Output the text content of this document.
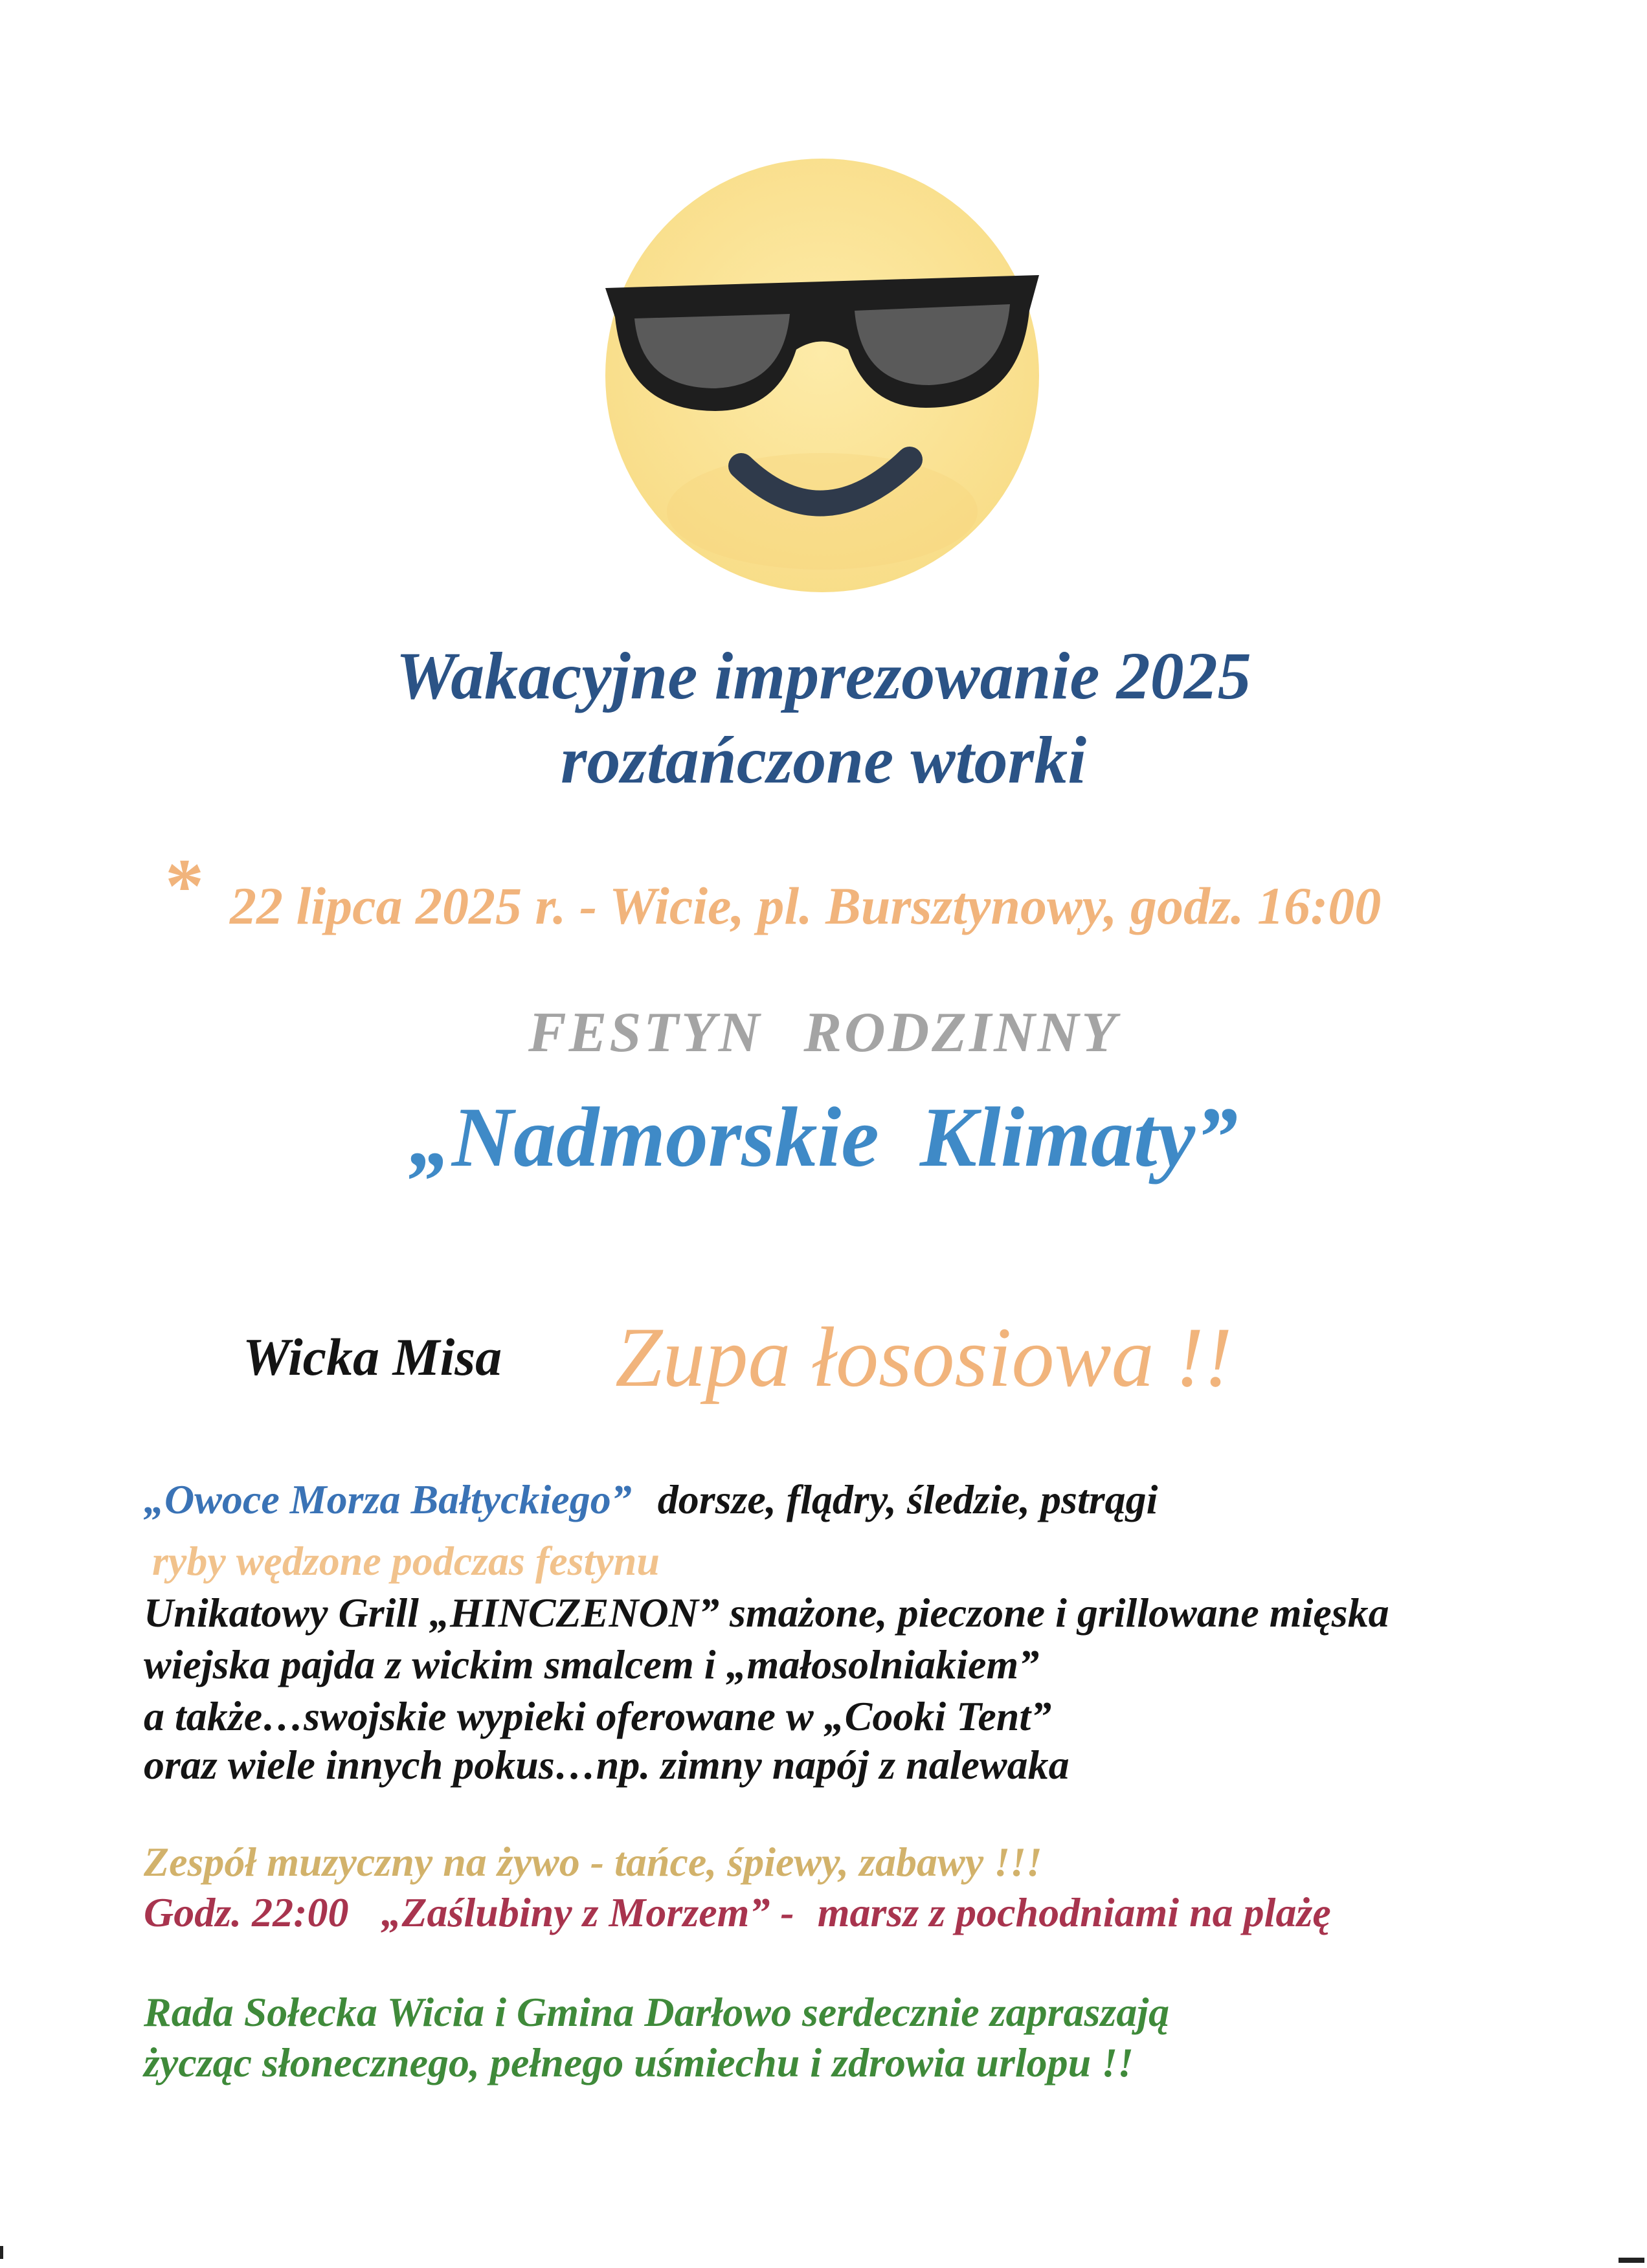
Wakacyjne imprezowanie 2025
roztańczone wtorki
* 22 lipca 2025 r. - Wicie, pl. Bursztynowy, godz. 16:00
FESTYN RODZINNY
„Nadmorskie Klimaty”
Wicka Misa Zupa łososiowa !!
„Owoce Morza Bałtyckiego” dorsze, flądry, śledzie, pstrągi
ryby wędzone podczas festynu
Unikatowy Grill „HINCZENON” smażone, pieczone i grillowane mięska
wiejska pajda z wickim smalcem i „małosolniakiem”
a także…swojskie wypieki oferowane w „Cooki Tent”
oraz wiele innych pokus…np. zimny napój z nalewaka
Zespół muzyczny na żywo - tańce, śpiewy, zabawy !!!
Godz. 22:00 „Zaślubiny z Morzem” - marsz z pochodniami na plażę
Rada Sołecka Wicia i Gmina Darłowo serdecznie zapraszają
życząc słonecznego, pełnego uśmiechu i zdrowia urlopu !!
